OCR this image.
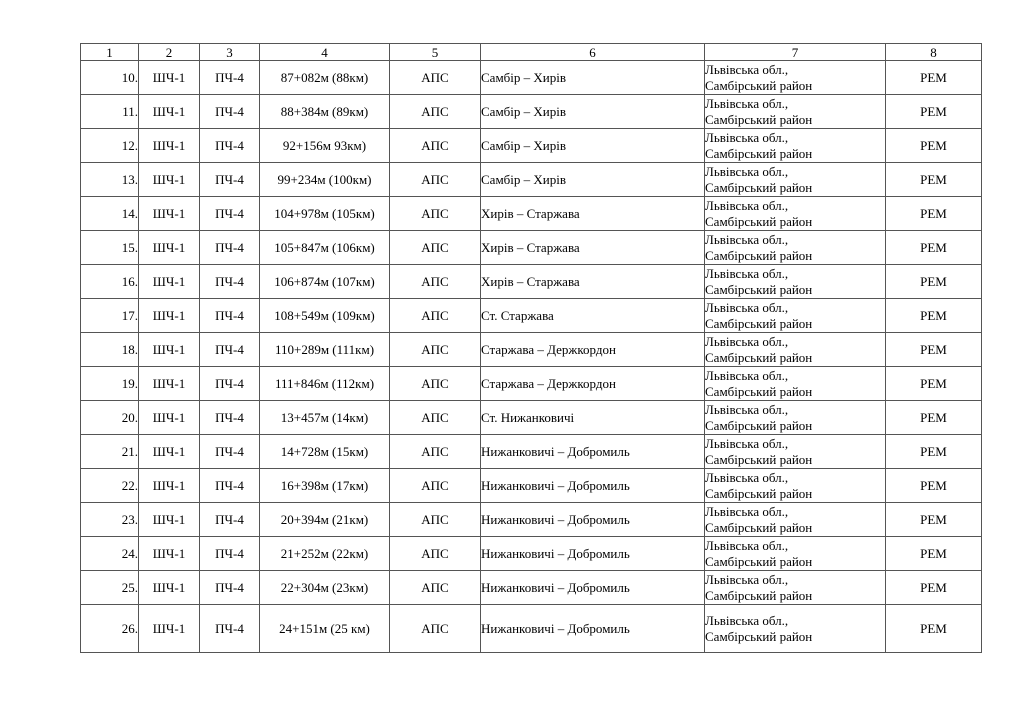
1	2	3	4	5	6	7	8
10.	ШЧ-1	ПЧ-4	87+082м (88км)	АПС	Самбір – Хирів	Львівська обл.,
Самбірський район	РЕМ
11.	ШЧ-1	ПЧ-4	88+384м (89км)	АПС	Самбір – Хирів	Львівська обл.,
Самбірський район	РЕМ
12.	ШЧ-1	ПЧ-4	92+156м 93км)	АПС	Самбір – Хирів	Львівська обл.,
Самбірський район	РЕМ
13.	ШЧ-1	ПЧ-4	99+234м (100км)	АПС	Самбір – Хирів	Львівська обл.,
Самбірський район	РЕМ
14.	ШЧ-1	ПЧ-4	104+978м (105км)	АПС	Хирів – Старжава	Львівська обл.,
Самбірський район	РЕМ
15.	ШЧ-1	ПЧ-4	105+847м (106км)	АПС	Хирів – Старжава	Львівська обл.,
Самбірський район	РЕМ
16.	ШЧ-1	ПЧ-4	106+874м (107км)	АПС	Хирів – Старжава	Львівська обл.,
Самбірський район	РЕМ
17.	ШЧ-1	ПЧ-4	108+549м (109км)	АПС	Ст. Старжава	Львівська обл.,
Самбірський район	РЕМ
18.	ШЧ-1	ПЧ-4	110+289м (111км)	АПС	Старжава – Держкордон	Львівська обл.,
Самбірський район	РЕМ
19.	ШЧ-1	ПЧ-4	111+846м (112км)	АПС	Старжава – Держкордон	Львівська обл.,
Самбірський район	РЕМ
20.	ШЧ-1	ПЧ-4	13+457м (14км)	АПС	Ст. Нижанковичі	Львівська обл.,
Самбірський район	РЕМ
21.	ШЧ-1	ПЧ-4	14+728м (15км)	АПС	Нижанковичі – Добромиль	Львівська обл.,
Самбірський район	РЕМ
22.	ШЧ-1	ПЧ-4	16+398м (17км)	АПС	Нижанковичі – Добромиль	Львівська обл.,
Самбірський район	РЕМ
23.	ШЧ-1	ПЧ-4	20+394м (21км)	АПС	Нижанковичі – Добромиль	Львівська обл.,
Самбірський район	РЕМ
24.	ШЧ-1	ПЧ-4	21+252м (22км)	АПС	Нижанковичі – Добромиль	Львівська обл.,
Самбірський район	РЕМ
25.	ШЧ-1	ПЧ-4	22+304м (23км)	АПС	Нижанковичі – Добромиль	Львівська обл.,
Самбірський район	РЕМ
26.	ШЧ-1	ПЧ-4	24+151м (25 км)	АПС	Нижанковичі – Добромиль	Львівська обл.,
Самбірський район	РЕМ
